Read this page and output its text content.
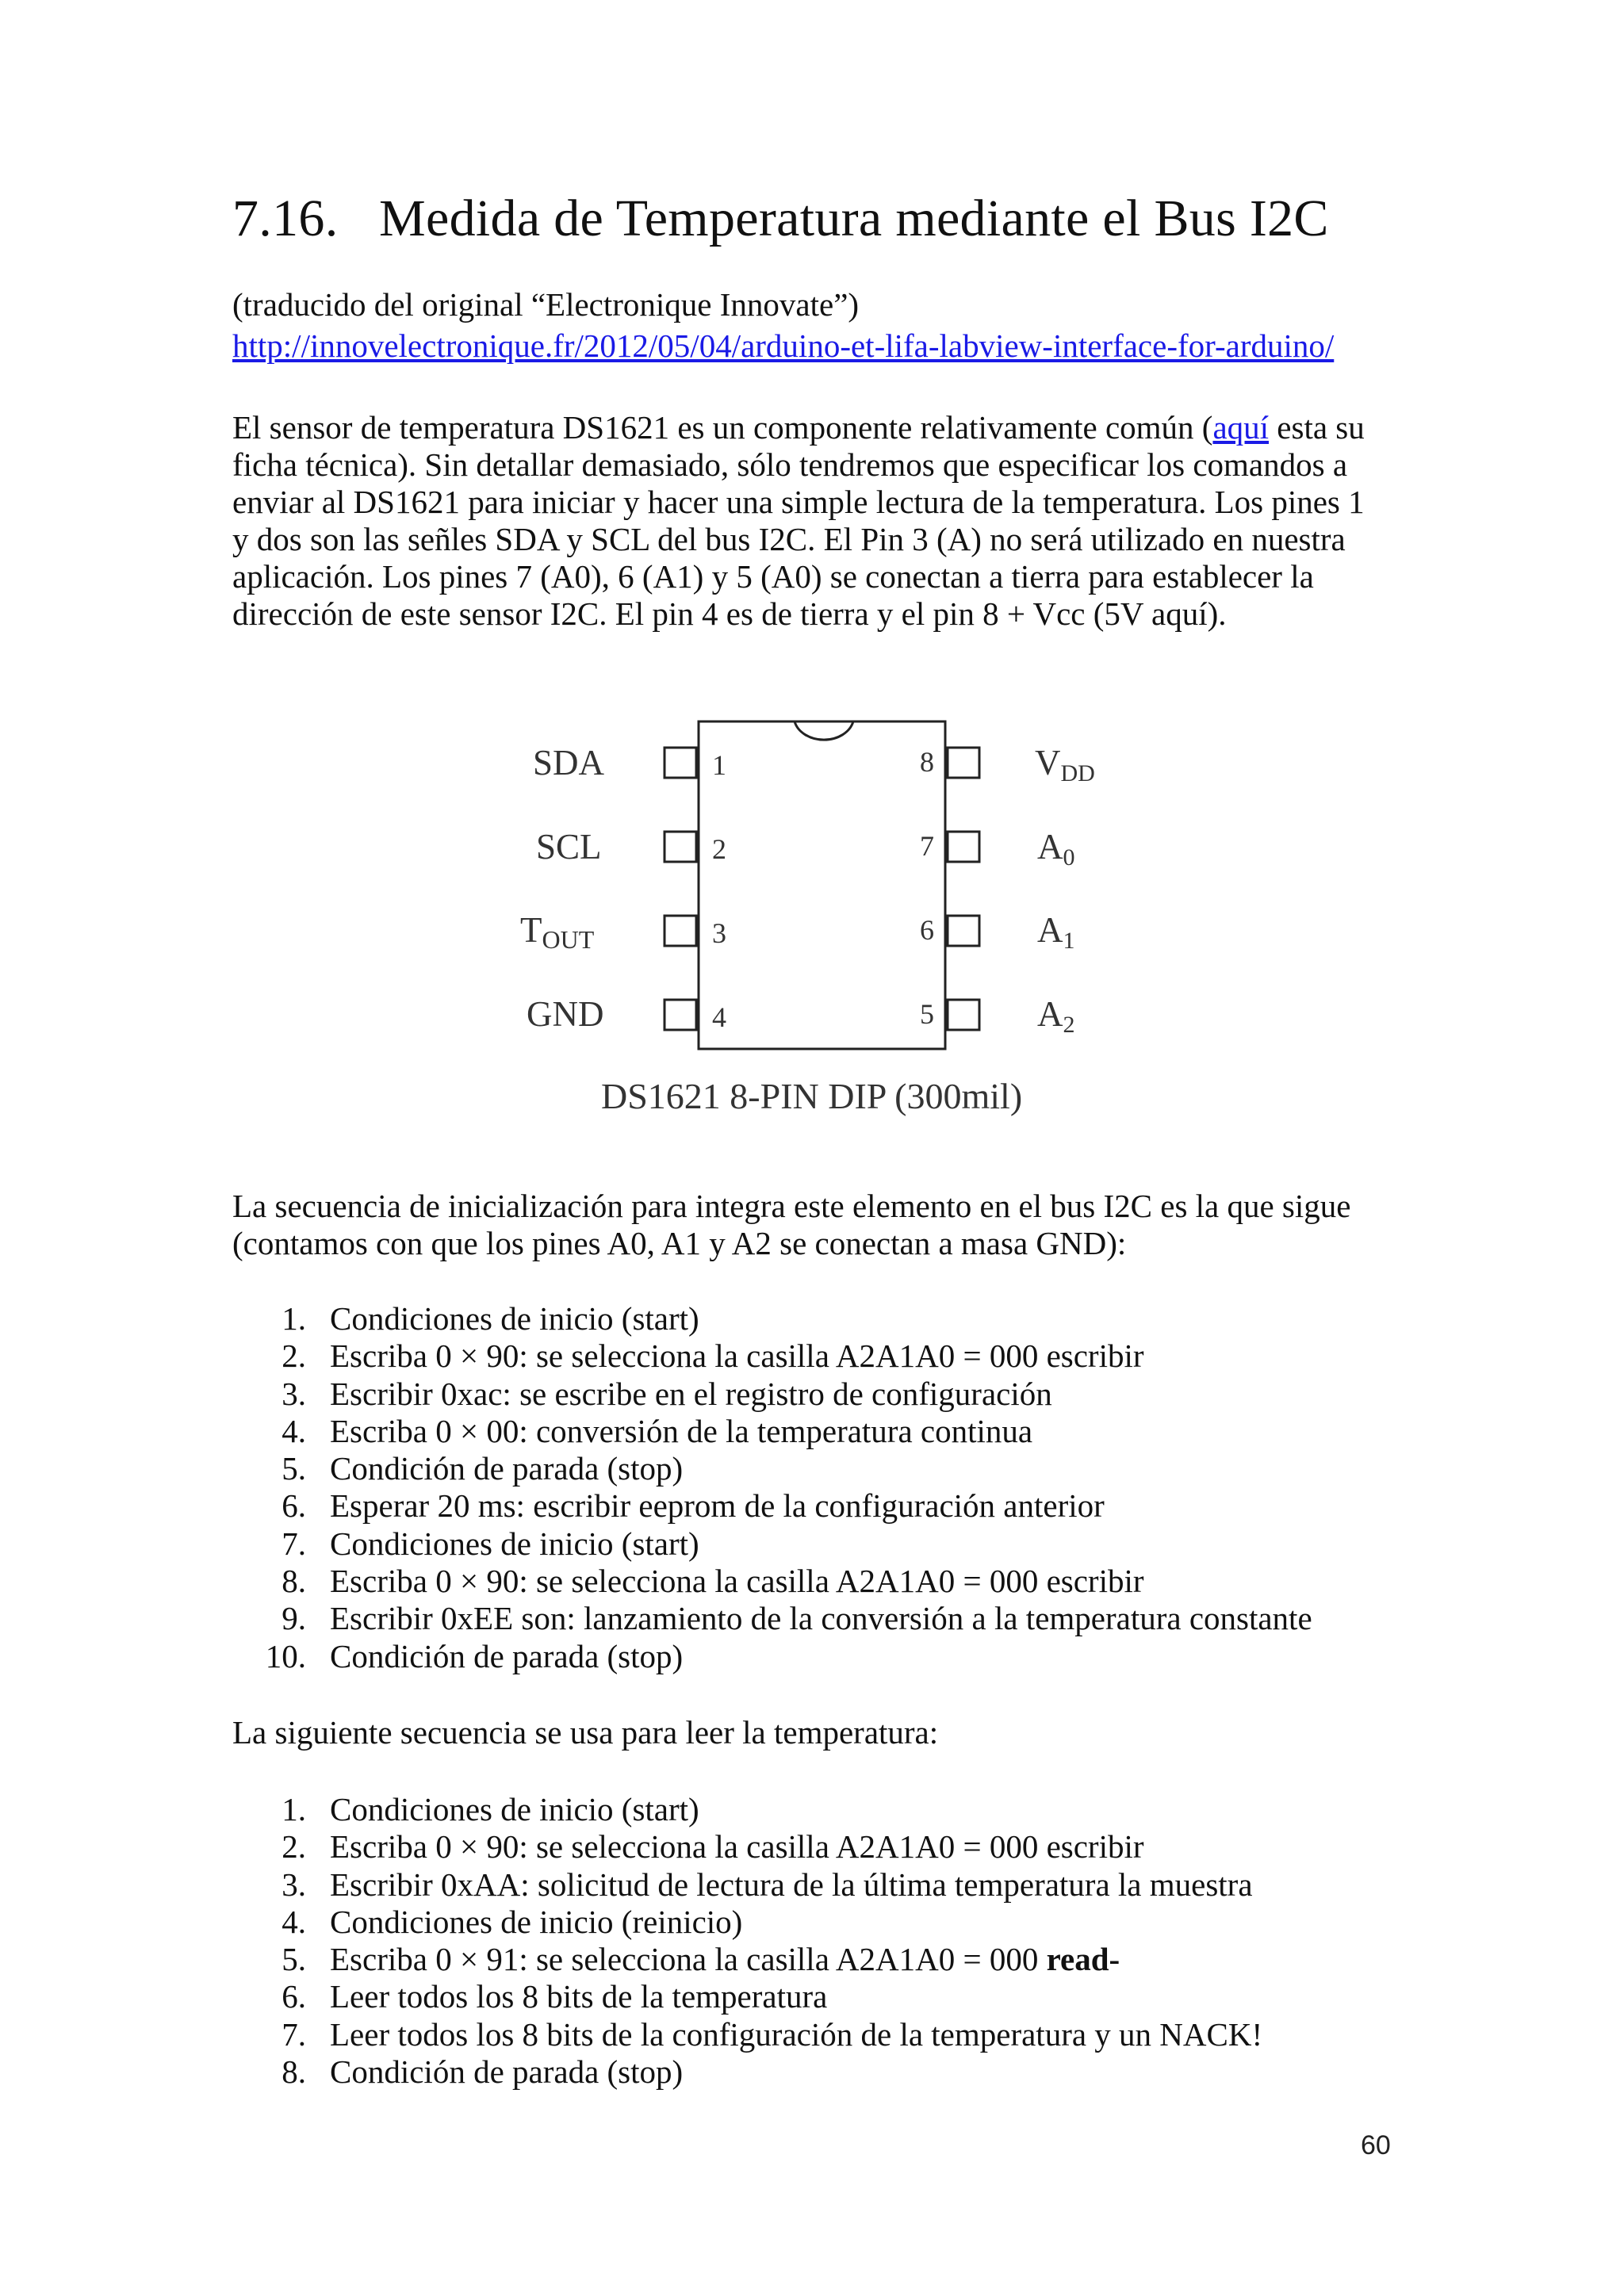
7.16. Medida de Temperatura mediante el Bus I2C
(traducido del original “Electronique Innovate”)
http://innovelectronique.fr/2012/05/04/arduino-et-lifa-labview-interface-for-arduino/
El sensor de temperatura DS1621 es un componente relativamente común (aquí esta su
ficha técnica). Sin detallar demasiado, sólo tendremos que especificar los comandos a
enviar al DS1621 para iniciar y hacer una simple lectura de la temperatura. Los pines 1
y dos son las señles SDA y SCL del bus I2C. El Pin 3 (A) no será utilizado en nuestra
aplicación. Los pines 7 (A0), 6 (A1) y 5 (A0) se conectan a tierra para establecer la
dirección de este sensor I2C. El pin 4 es de tierra y el pin 8 + Vcc (5V aquí).
1
2
3
4
8
7
6
5
SDA
SCL
TOUT
GND
VDD
A0
A1
A2
DS1621 8-PIN DIP (300mil)
La secuencia de inicialización para integra este elemento en el bus I2C es la que sigue
(contamos con que los pines A0, A1 y A2 se conectan a masa GND):
1. Condiciones de inicio (start)
2. Escriba 0 × 90: se selecciona la casilla A2A1A0 = 000 escribir
3. Escribir 0xac: se escribe en el registro de configuración
4. Escriba 0 × 00: conversión de la temperatura continua
5. Condición de parada (stop)
6. Esperar 20 ms: escribir eeprom de la configuración anterior
7. Condiciones de inicio (start)
8. Escriba 0 × 90: se selecciona la casilla A2A1A0 = 000 escribir
9. Escribir 0xEE son: lanzamiento de la conversión a la temperatura constante
10. Condición de parada (stop)
La siguiente secuencia se usa para leer la temperatura:
1. Condiciones de inicio (start)
2. Escriba 0 × 90: se selecciona la casilla A2A1A0 = 000 escribir
3. Escribir 0xAA: solicitud de lectura de la última temperatura la muestra
4. Condiciones de inicio (reinicio)
5. Escriba 0 × 91: se selecciona la casilla A2A1A0 = 000 read-
6. Leer todos los 8 bits de la temperatura
7. Leer todos los 8 bits de la configuración de la temperatura y un NACK!
8. Condición de parada (stop)
60
